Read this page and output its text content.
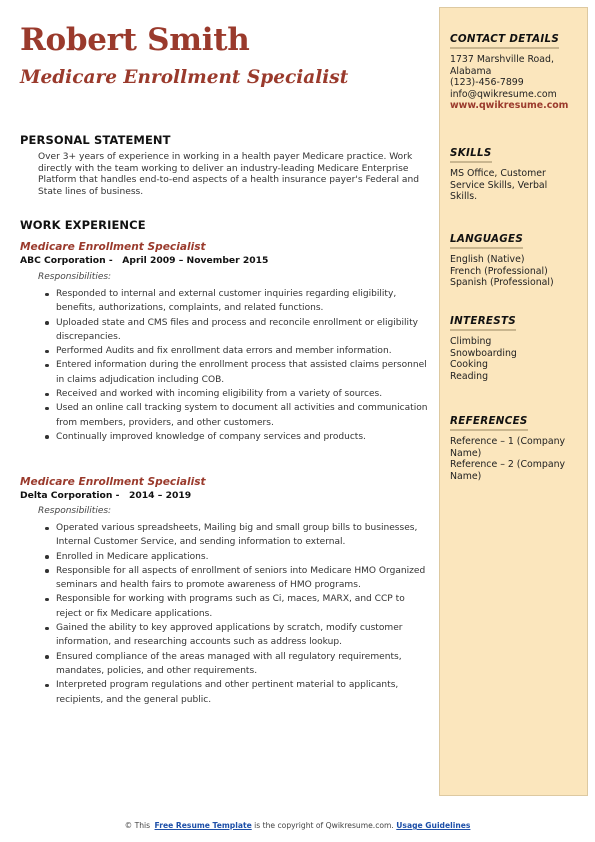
Robert Smith
Medicare Enrollment Specialist
PERSONAL STATEMENT
Over 3+ years of experience in working in a health payer Medicare practice. Work directly with the team working to deliver an industry-leading Medicare Enterprise Platform that handles end-to-end aspects of a health insurance payer's Federal and State lines of business.
WORK EXPERIENCE
Medicare Enrollment Specialist
ABC Corporation -   April 2009 – November 2015
Responsibilities:
Responded to internal and external customer inquiries regarding eligibility, benefits, authorizations, complaints, and related functions.
Uploaded state and CMS files and process and reconcile enrollment or eligibility discrepancies.
Performed Audits and fix enrollment data errors and member information.
Entered information during the enrollment process that assisted claims personnel in claims adjudication including COB.
Received and worked with incoming eligibility from a variety of sources.
Used an online call tracking system to document all activities and communication from members, providers, and other customers.
Continually improved knowledge of company services and products.
Medicare Enrollment Specialist
Delta Corporation -   2014 – 2019
Responsibilities:
Operated various spreadsheets, Mailing big and small group bills to businesses, Internal Customer Service, and sending information to external.
Enrolled in Medicare applications.
Responsible for all aspects of enrollment of seniors into Medicare HMO Organized seminars and health fairs to promote awareness of HMO programs.
Responsible for working with programs such as Ci, maces, MARX, and CCP to reject or fix Medicare applications.
Gained the ability to key approved applications by scratch, modify customer information, and researching accounts such as address lookup.
Ensured compliance of the areas managed with all regulatory requirements, mandates, policies, and other requirements.
Interpreted program regulations and other pertinent material to applicants, recipients, and the general public.
CONTACT DETAILS
1737 Marshville Road,
Alabama
(123)-456-7899
info@qwikresume.com
www.qwikresume.com
SKILLS
MS Office, Customer Service Skills, Verbal Skills.
LANGUAGES
English (Native)
French (Professional)
Spanish (Professional)
INTERESTS
Climbing
Snowboarding
Cooking
Reading
REFERENCES
Reference – 1 (Company Name)
Reference – 2 (Company Name)
© This Free Resume Template is the copyright of Qwikresume.com. Usage Guidelines
